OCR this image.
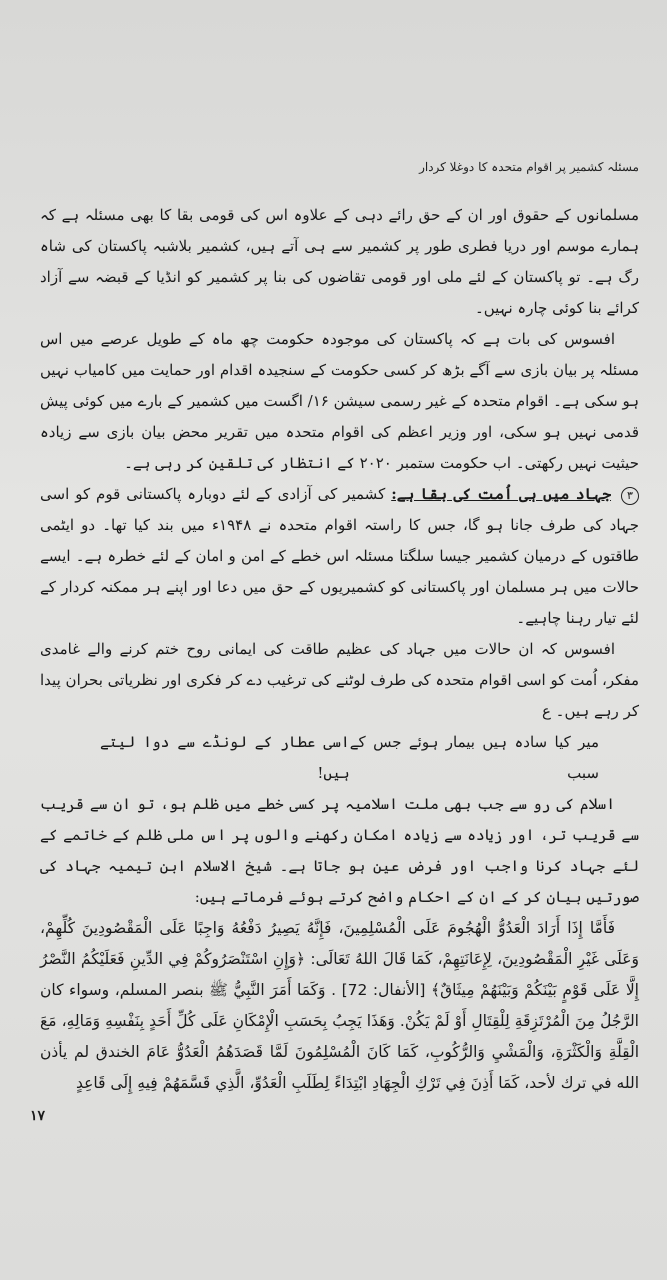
مسئلہ کشمیر پر اقوام متحدہ کا دوغلا کردار

مسلمانوں کے حقوق اور ان کے حق رائے دہی کے علاوہ اس کی قومی بقا کا بھی مسئلہ ہے کہ ہمارے موسم اور دریا فطری طور پر کشمیر سے ہی آتے ہیں، کشمیر بلاشبہ پاکستان کی شاہ رگ ہے۔ تو پاکستان کے لئے ملی اور قومی تقاضوں کی بنا پر کشمیر کو انڈیا کے قبضہ سے آزاد کرائے بنا کوئی چارہ نہیں۔

افسوس کی بات ہے کہ پاکستان کی موجودہ حکومت چھ ماہ کے طویل عرصے میں اس مسئلہ پر بیان بازی سے آگے بڑھ کر کسی حکومت کے سنجیدہ اقدام اور حمایت میں کامیاب نہیں ہو سکی ہے۔ اقوام متحدہ کے غیر رسمی سیشن ۱۶/ اگست میں کشمیر کے بارے میں کوئی پیش قدمی نہیں ہو سکی، اور وزیر اعظم کی اقوام متحدہ میں تقریر محض بیان بازی سے زیادہ حیثیت نہیں رکھتی۔ اب حکومت ستمبر ۲۰۲۰ کے انتظار کی تلقین کر رہی ہے۔

٣ جہاد میں ہی اُمت کی بقا ہے: کشمیر کی آزادی کے لئے دوبارہ پاکستانی قوم کو اسی جہاد کی طرف جانا ہو گا، جس کا راستہ اقوام متحدہ نے ۱۹۴۸ء میں بند کیا تھا۔ دو ایٹمی طاقتوں کے درمیان کشمیر جیسا سلگتا مسئلہ اس خطے کے امن و امان کے لئے خطرہ ہے۔ ایسے حالات میں ہر مسلمان اور پاکستانی کو کشمیریوں کے حق میں دعا اور اپنے ہر ممکنہ کردار کے لئے تیار رہنا چاہیے۔

افسوس کہ ان حالات میں جہاد کی عظیم طاقت کی ایمانی روح ختم کرنے والے غامدی مفکر، اُمت کو اسی اقوام متحدہ کی طرف لوٹنے کی ترغیب دے کر فکری اور نظریاتی بحران پیدا کر رہے ہیں۔ ع

میر کیا سادہ ہیں بیمار ہوئے جس کے سبب
اسی عطار کے لونڈے سے دوا لیتے ہیں!

اسلام کی رو سے جب بھی ملت اسلامیہ پر کسی خطے میں ظلم ہو، تو ان سے قریب سے قریب تر، اور زیادہ سے زیادہ امکان رکھنے والوں پر اس ملی ظلم کے خاتمے کے لئے جہاد کرنا واجب اور فرض عین ہو جاتا ہے۔ شیخ الاسلام ابن تیمیہ جہاد کی صورتیں بیان کر کے ان کے احکام واضح کرتے ہوئے فرماتے ہیں:

فَأَمَّا إِذَا أَرَادَ الْعَدُوُّ الْهُجُومَ عَلَى الْمُسْلِمِينَ، فَإِنَّهُ يَصِيرُ دَفْعُهُ وَاجِبًا عَلَى الْمَقْصُودِينَ كُلِّهِمْ، وَعَلَى غَيْرِ الْمَقْصُودِينَ، لِإِعَانَتِهِمْ، كَمَا قَالَ اللهُ تَعَالَى: ﴿وَإِنِ اسْتَنْصَرُوكُمْ فِي الدِّينِ فَعَلَيْكُمُ النَّصْرُ إِلَّا عَلَى قَوْمٍ بَيْنَكُمْ وَبَيْنَهُمْ مِيثَاقٌ﴾ [الأنفال: 72] . وَكَمَا أَمَرَ النَّبِيُّ ﷺ بنصر المسلم، وسواء كان الرَّجُلُ مِنَ الْمُرْتَزِقَةِ لِلْقِتَالِ أَوْ لَمْ يَكُنْ. وَهَذَا يَجِبُ بِحَسَبِ الْإِمْكَانِ عَلَى كُلِّ أَحَدٍ بِنَفْسِهِ وَمَالِهِ، مَعَ الْقِلَّةِ وَالْكَثْرَةِ، وَالْمَشْيِ وَالرُّكُوبِ، كَمَا كَانَ الْمُسْلِمُونَ لَمَّا قَصَدَهُمُ الْعَدُوُّ عَامَ الخندق لم يأذن الله في ترك لأحد، كَمَا أَذِنَ فِي تَرْكِ الْجِهَادِ ابْتِدَاءً لِطَلَبِ الْعَدُوِّ، الَّذِي قَسَّمَهُمْ فِيهِ إِلَى قَاعِدٍ

۱۷
